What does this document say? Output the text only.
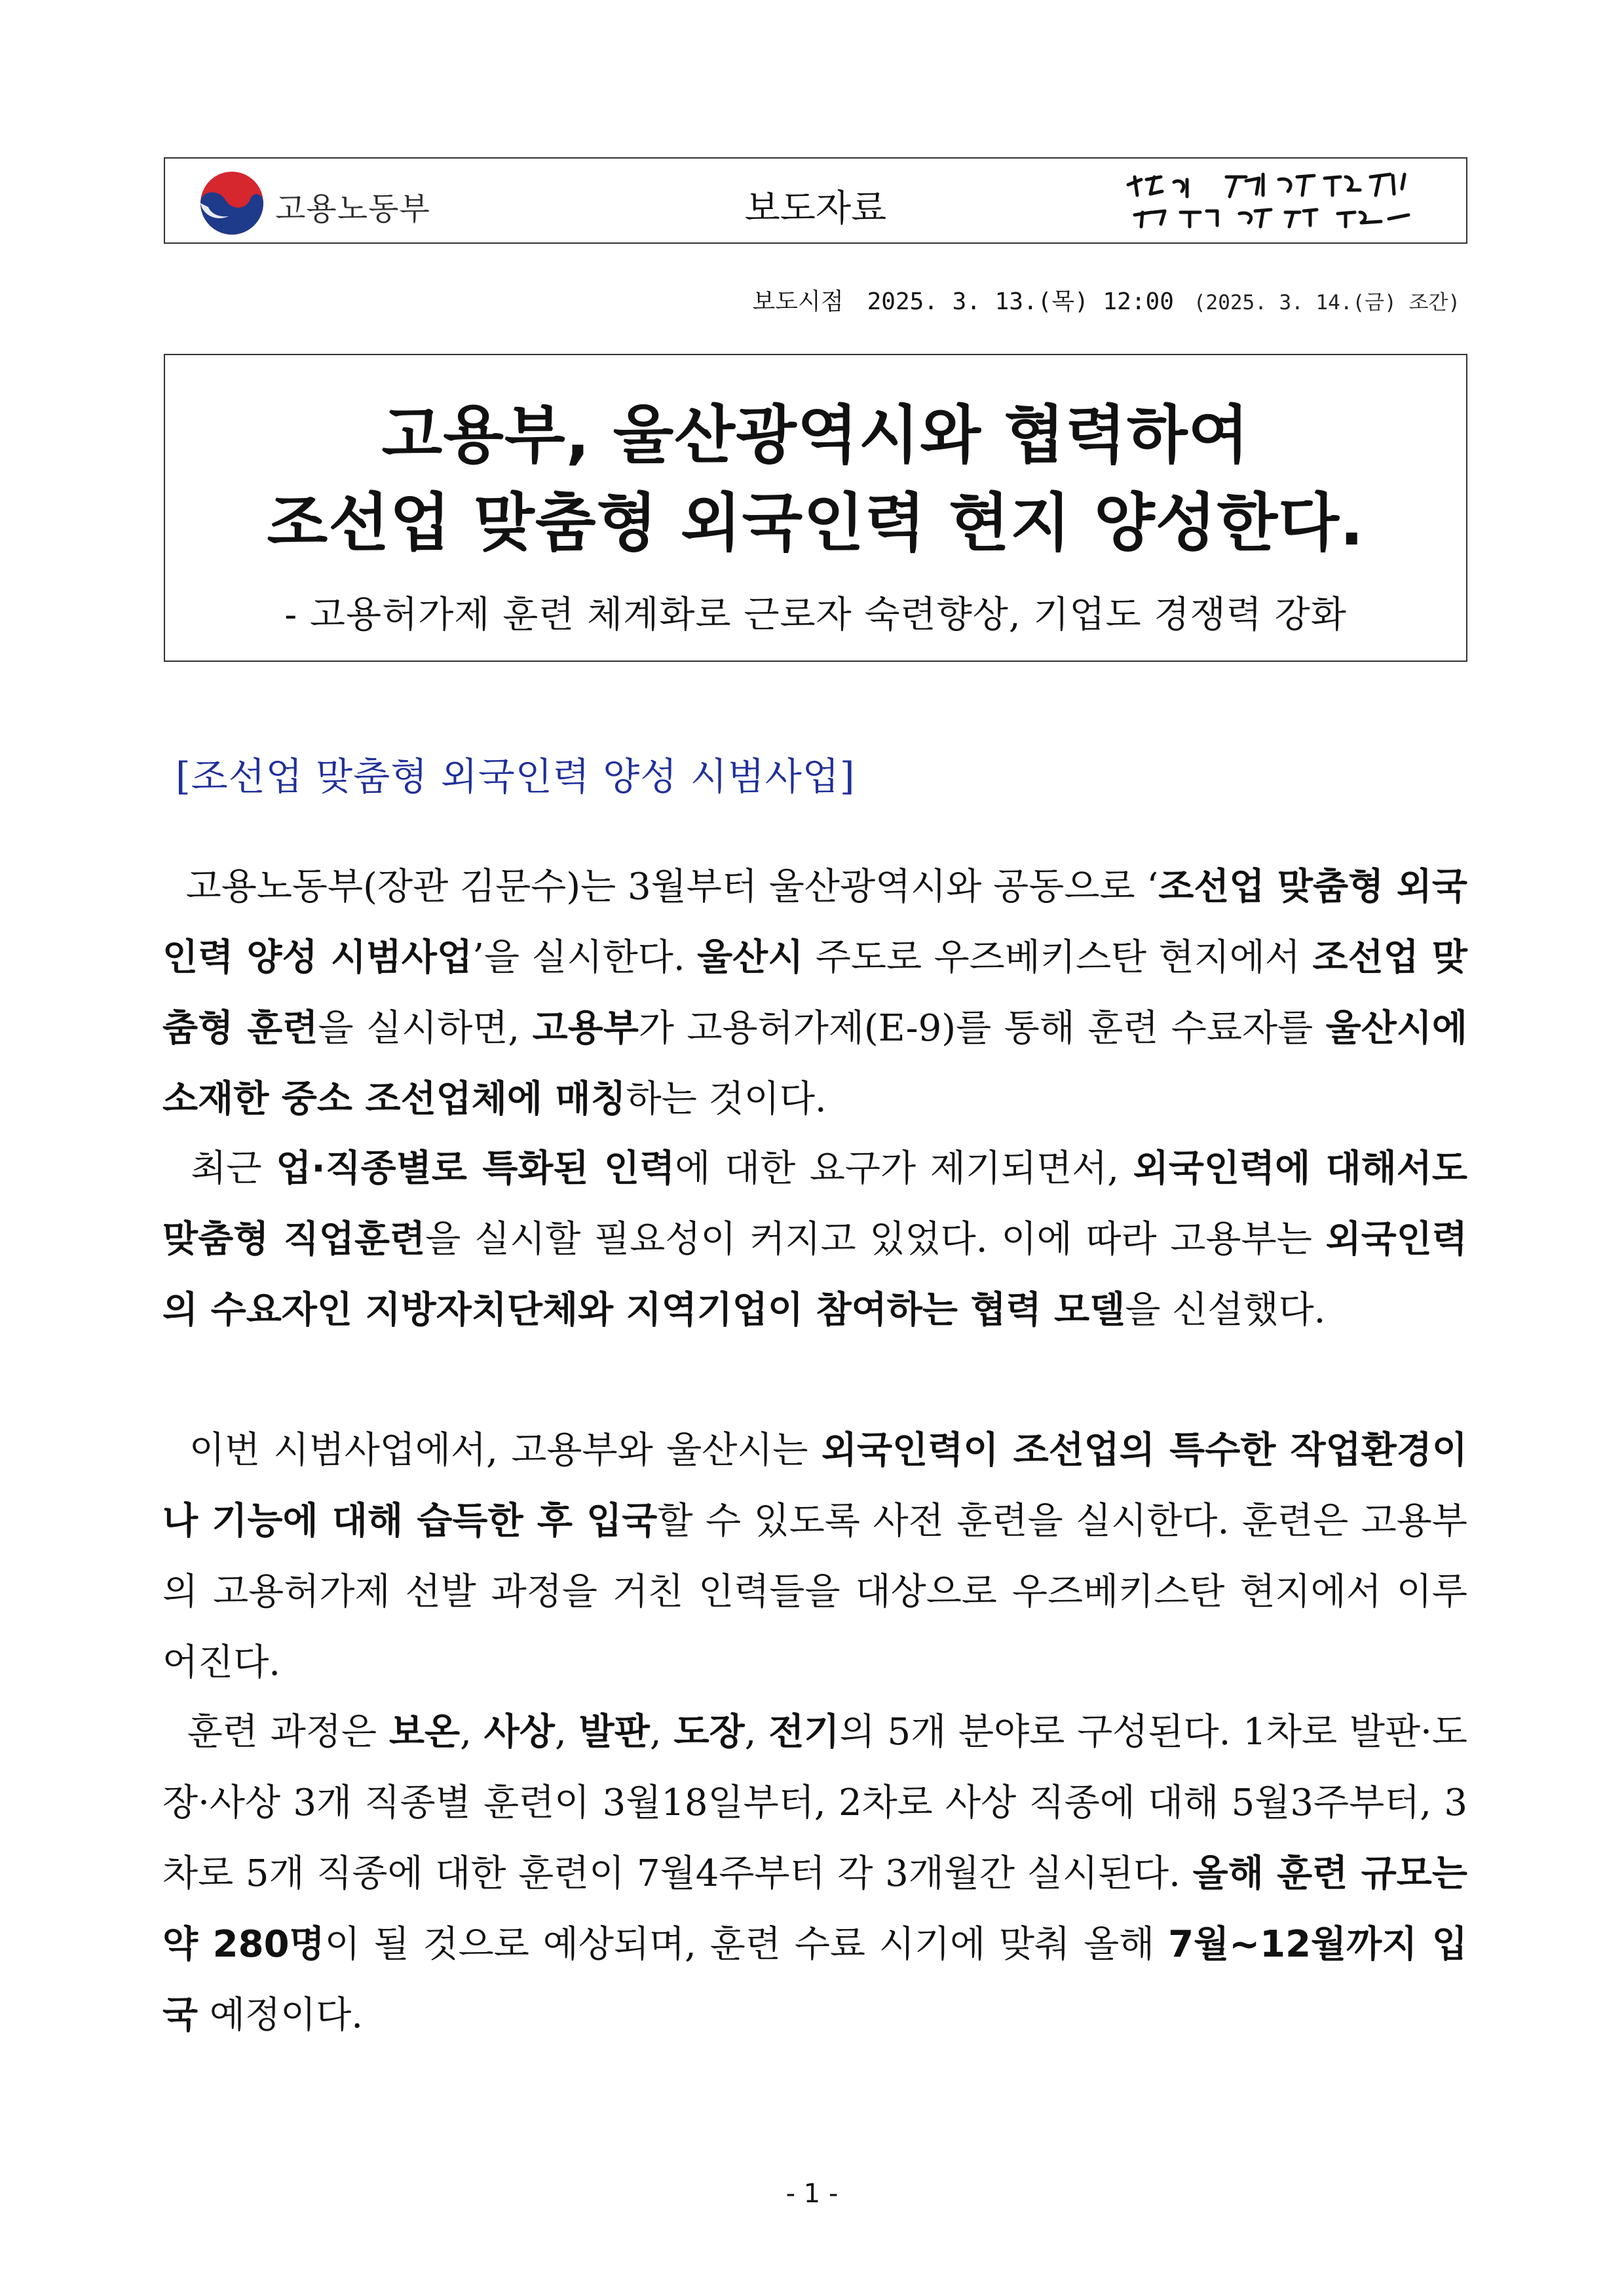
고용노동부	보도자료
보도시점 2025. 3. 13.(목) 12:00 (2025. 3. 14.(금) 조간)
고용부, 울산광역시와 협력하여
조선업 맞춤형 외국인력 현지 양성한다.
- 고용허가제 훈련 체계화로 근로자 숙련향상, 기업도 경쟁력 강화
[조선업 맞춤형 외국인력 양성 시범사업]

고용노동부(장관 김문수)는 3월부터 울산광역시와 공동으로 ‘조선업 맞춤형 외국인력 양성 시범사업’을 실시한다. 울산시 주도로 우즈베키스탄 현지에서 조선업 맞춤형 훈련을 실시하면, 고용부가 고용허가제(E-9)를 통해 훈련 수료자를 울산시에 소재한 중소 조선업체에 매칭하는 것이다.

최근 업·직종별로 특화된 인력에 대한 요구가 제기되면서, 외국인력에 대해서도 맞춤형 직업훈련을 실시할 필요성이 커지고 있었다. 이에 따라 고용부는 외국인력의 수요자인 지방자치단체와 지역기업이 참여하는 협력 모델을 신설했다.

이번 시범사업에서, 고용부와 울산시는 외국인력이 조선업의 특수한 작업환경이나 기능에 대해 습득한 후 입국할 수 있도록 사전 훈련을 실시한다. 훈련은 고용부의 고용허가제 선발 과정을 거친 인력들을 대상으로 우즈베키스탄 현지에서 이루어진다.

훈련 과정은 보온, 사상, 발판, 도장, 전기의 5개 분야로 구성된다. 1차로 발판·도장·사상 3개 직종별 훈련이 3월18일부터, 2차로 사상 직종에 대해 5월3주부터, 3차로 5개 직종에 대한 훈련이 7월4주부터 각 3개월간 실시된다. 올해 훈련 규모는 약 280명이 될 것으로 예상되며, 훈련 수료 시기에 맞춰 올해 7월~12월까지 입국 예정이다.

- 1 -
